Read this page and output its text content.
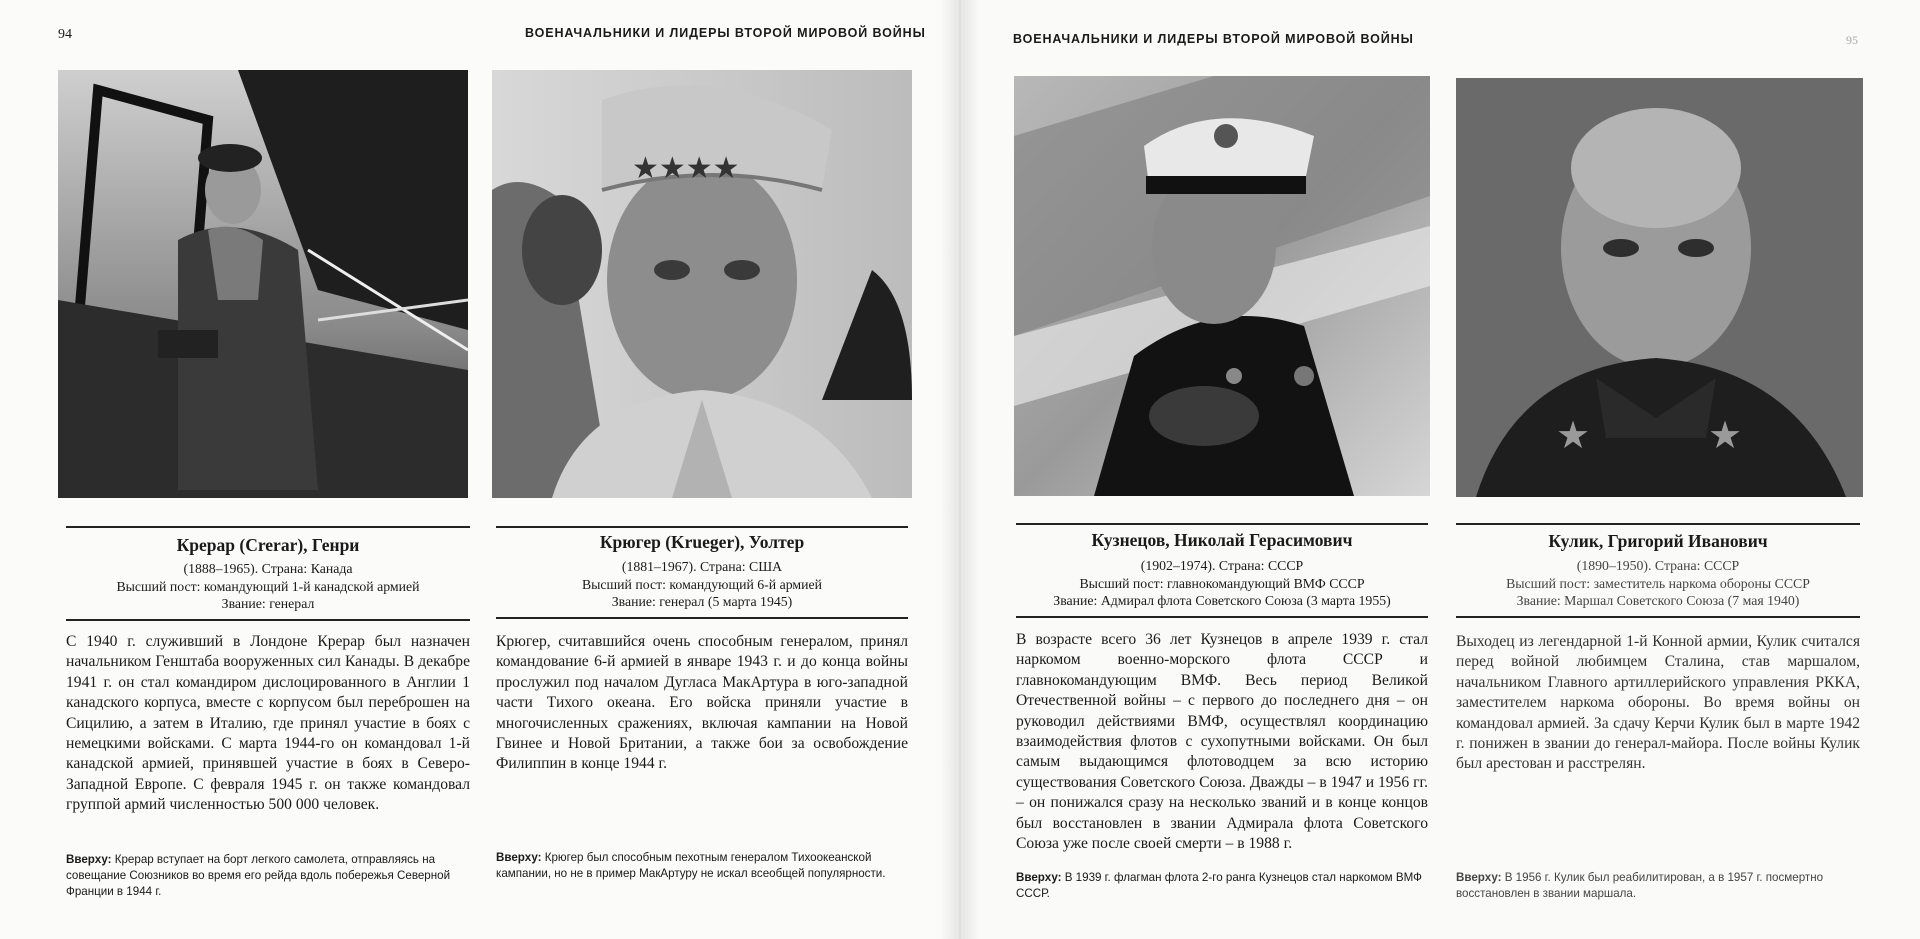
94	ВОЕНАЧАЛЬНИКИ И ЛИДЕРЫ ВТОРОЙ МИРОВОЙ ВОЙНЫ	ВОЕНАЧАЛЬНИКИ И ЛИДЕРЫ ВТОРОЙ МИРОВОЙ ВОЙНЫ	95
★★★★
★	★
Крерар (Crerar), Генри
(1888–1965). Страна: Канада
Высший пост: командующий 1-й канадской армией
Звание: генерал
С 1940 г. служивший в Лондоне Крерар был назначен начальником Генштаба вооруженных сил Канады. В декабре 1941 г. он стал командиром дислоцированного в Англии 1 канадского корпуса, вместе с корпусом был переброшен на Сицилию, а затем в Италию, где принял участие в боях с немецкими войсками. С марта 1944-го он командовал 1-й канадской армией, принявшей участие в боях в Северо-Западной Европе. С февраля 1945 г. он также командовал группой армий численностью 500 000 человек.
Вверху: Крерар вступает на борт легкого самолета, отправляясь на совещание Союзников во время его рейда вдоль побережья Северной Франции в 1944 г.
Крюгер (Krueger), Уолтер
(1881–1967). Страна: США
Высший пост: командующий 6-й армией
Звание: генерал (5 марта 1945)
Крюгер, считавшийся очень способным генералом, принял командование 6-й армией в январе 1943 г. и до конца войны прослужил под началом Дугласа МакАртура в юго-западной части Тихого океана. Его войска приняли участие в многочисленных сражениях, включая кампании на Новой Гвинее и Новой Британии, а также бои за освобождение Филиппин в конце 1944 г.
Вверху: Крюгер был способным пехотным генералом Тихоокеанской кампании, но не в пример МакАртуру не искал всеобщей популярности.
Кузнецов, Николай Герасимович
(1902–1974). Страна: СССР
Высший пост: главнокомандующий ВМФ СССР
Звание: Адмирал флота Советского Союза (3 марта 1955)
В возрасте всего 36 лет Кузнецов в апреле 1939 г. стал наркомом военно-морского флота СССР и главнокомандующим ВМФ. Весь период Великой Отечественной войны – с первого до последнего дня – он руководил действиями ВМФ, осуществлял координацию взаимодействия флотов с сухопутными войсками. Он был самым выдающимся флотоводцем за всю историю существования Советского Союза. Дважды – в 1947 и 1956 гг. – он понижался сразу на несколько званий и в конце концов был восстановлен в звании Адмирала флота Советского Союза уже после своей смерти – в 1988 г.
Вверху: В 1939 г. флагман флота 2-го ранга Кузнецов стал наркомом ВМФ СССР.
Кулик, Григорий Иванович
(1890–1950). Страна: СССР
Высший пост: заместитель наркома обороны СССР
Звание: Маршал Советского Союза (7 мая 1940)
Выходец из легендарной 1-й Конной армии, Кулик считался перед войной любимцем Сталина, став маршалом, начальником Главного артиллерийского управления РККА, заместителем наркома обороны. Во время войны он командовал армией. За сдачу Керчи Кулик был в марте 1942 г. понижен в звании до генерал-майора. После войны Кулик был арестован и расстрелян.
Вверху: В 1956 г. Кулик был реабилитирован, а в 1957 г. посмертно восстановлен в звании маршала.
